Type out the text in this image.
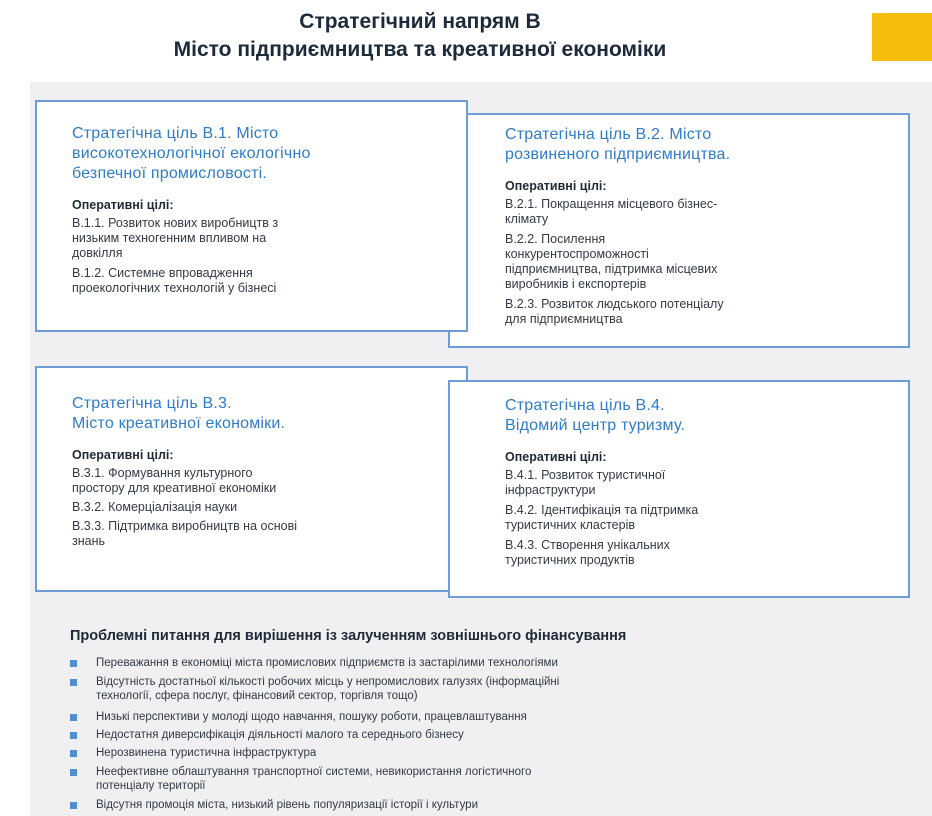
Стратегічний напрям В
Місто підприємництва та креативної економіки
Стратегічна ціль В.1. Місто
високотехнологічної екологічно
безпечної промисловості.
Оперативні цілі:
В.1.1. Розвиток нових виробництв з
низьким техногенним впливом на
довкілля
В.1.2. Системне впровадження
проекологічних технологій у бізнесі
Стратегічна ціль В.2. Місто
розвиненого підприємництва.
Оперативні цілі:
В.2.1. Покращення місцевого бізнес-
клімату
В.2.2. Посилення
конкурентоспроможності
підприємництва, підтримка місцевих
виробників і експортерів
В.2.3. Розвиток людського потенціалу
для підприємництва
Стратегічна ціль В.3.
Місто креативної економіки.
Оперативні цілі:
В.3.1. Формування культурного
простору для креативної економіки
В.3.2. Комерціалізація науки
В.3.3. Підтримка виробництв на основі
знань
Стратегічна ціль В.4.
Відомий центр туризму.
Оперативні цілі:
В.4.1. Розвиток туристичної
інфраструктури
В.4.2. Ідентифікація та підтримка
туристичних кластерів
В.4.3. Створення унікальних
туристичних продуктів
Проблемні питання для вирішення із залученням зовнішнього фінансування
Переважання в економіці міста промислових підприємств із застарілими технологіями
Відсутність достатньої кількості робочих місць у непромислових галузях (інформаційні
технології, сфера послуг, фінансовий сектор, торгівля тощо)
Низькі перспективи у молоді щодо навчання, пошуку роботи, працевлаштування
Недостатня диверсифікація діяльності малого та середнього бізнесу
Нерозвинена туристична інфраструктура
Неефективне облаштування транспортної системи, невикористання логістичного
потенціалу території
Відсутня промоція міста, низький рівень популяризації історії і культури
